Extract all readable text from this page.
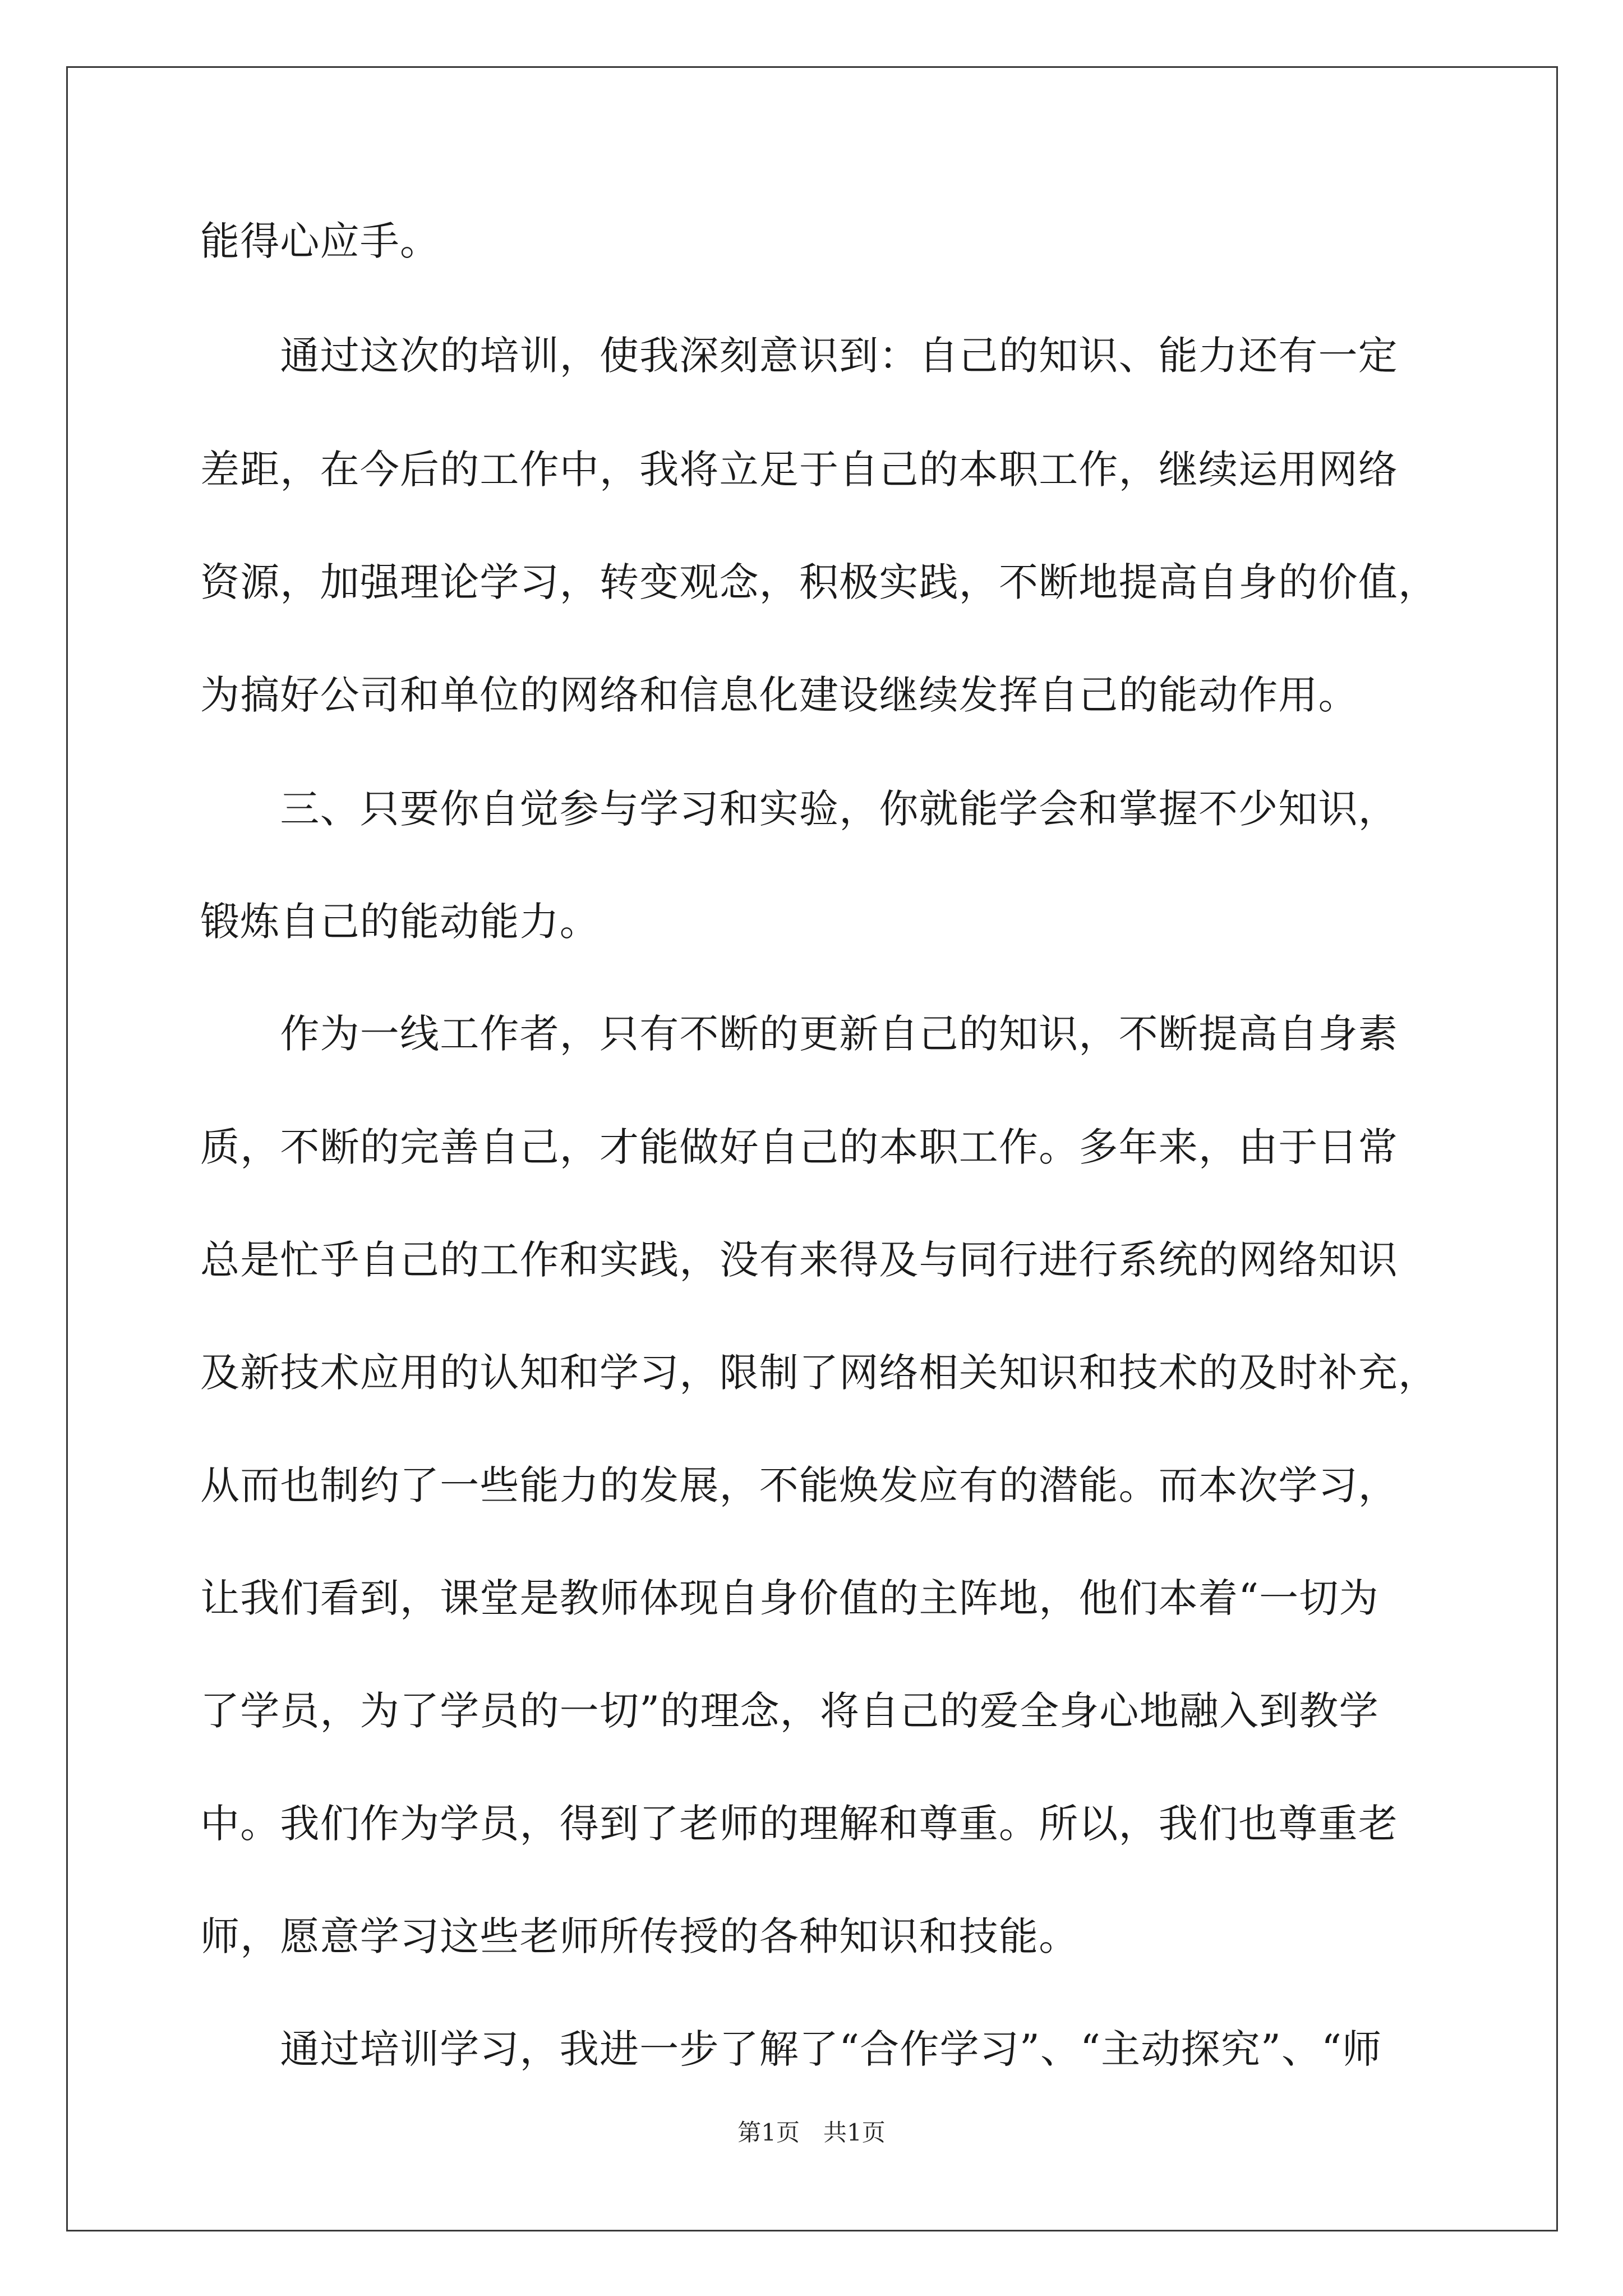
能得心应手。
　　通过这次的培训，使我深刻意识到：自己的知识、能力还有一定
差距，在今后的工作中，我将立足于自己的本职工作，继续运用网络
资源，加强理论学习，转变观念，积极实践，不断地提高自身的价值，
为搞好公司和单位的网络和信息化建设继续发挥自己的能动作用。
　　三、只要你自觉参与学习和实验，你就能学会和掌握不少知识，
锻炼自己的能动能力。
　　作为一线工作者，只有不断的更新自己的知识，不断提高自身素
质，不断的完善自己，才能做好自己的本职工作。多年来，由于日常
总是忙乎自己的工作和实践，没有来得及与同行进行系统的网络知识
及新技术应用的认知和学习，限制了网络相关知识和技术的及时补充，
从而也制约了一些能力的发展，不能焕发应有的潜能。而本次学习，
让我们看到，课堂是教师体现自身价值的主阵地，他们本着“一切为
了学员，为了学员的一切”的理念，将自己的爱全身心地融入到教学
中。我们作为学员，得到了老师的理解和尊重。所以，我们也尊重老
师，愿意学习这些老师所传授的各种知识和技能。
　　通过培训学习，我进一步了解了“合作学习”、“主动探究”、“师
第1页　共1页
